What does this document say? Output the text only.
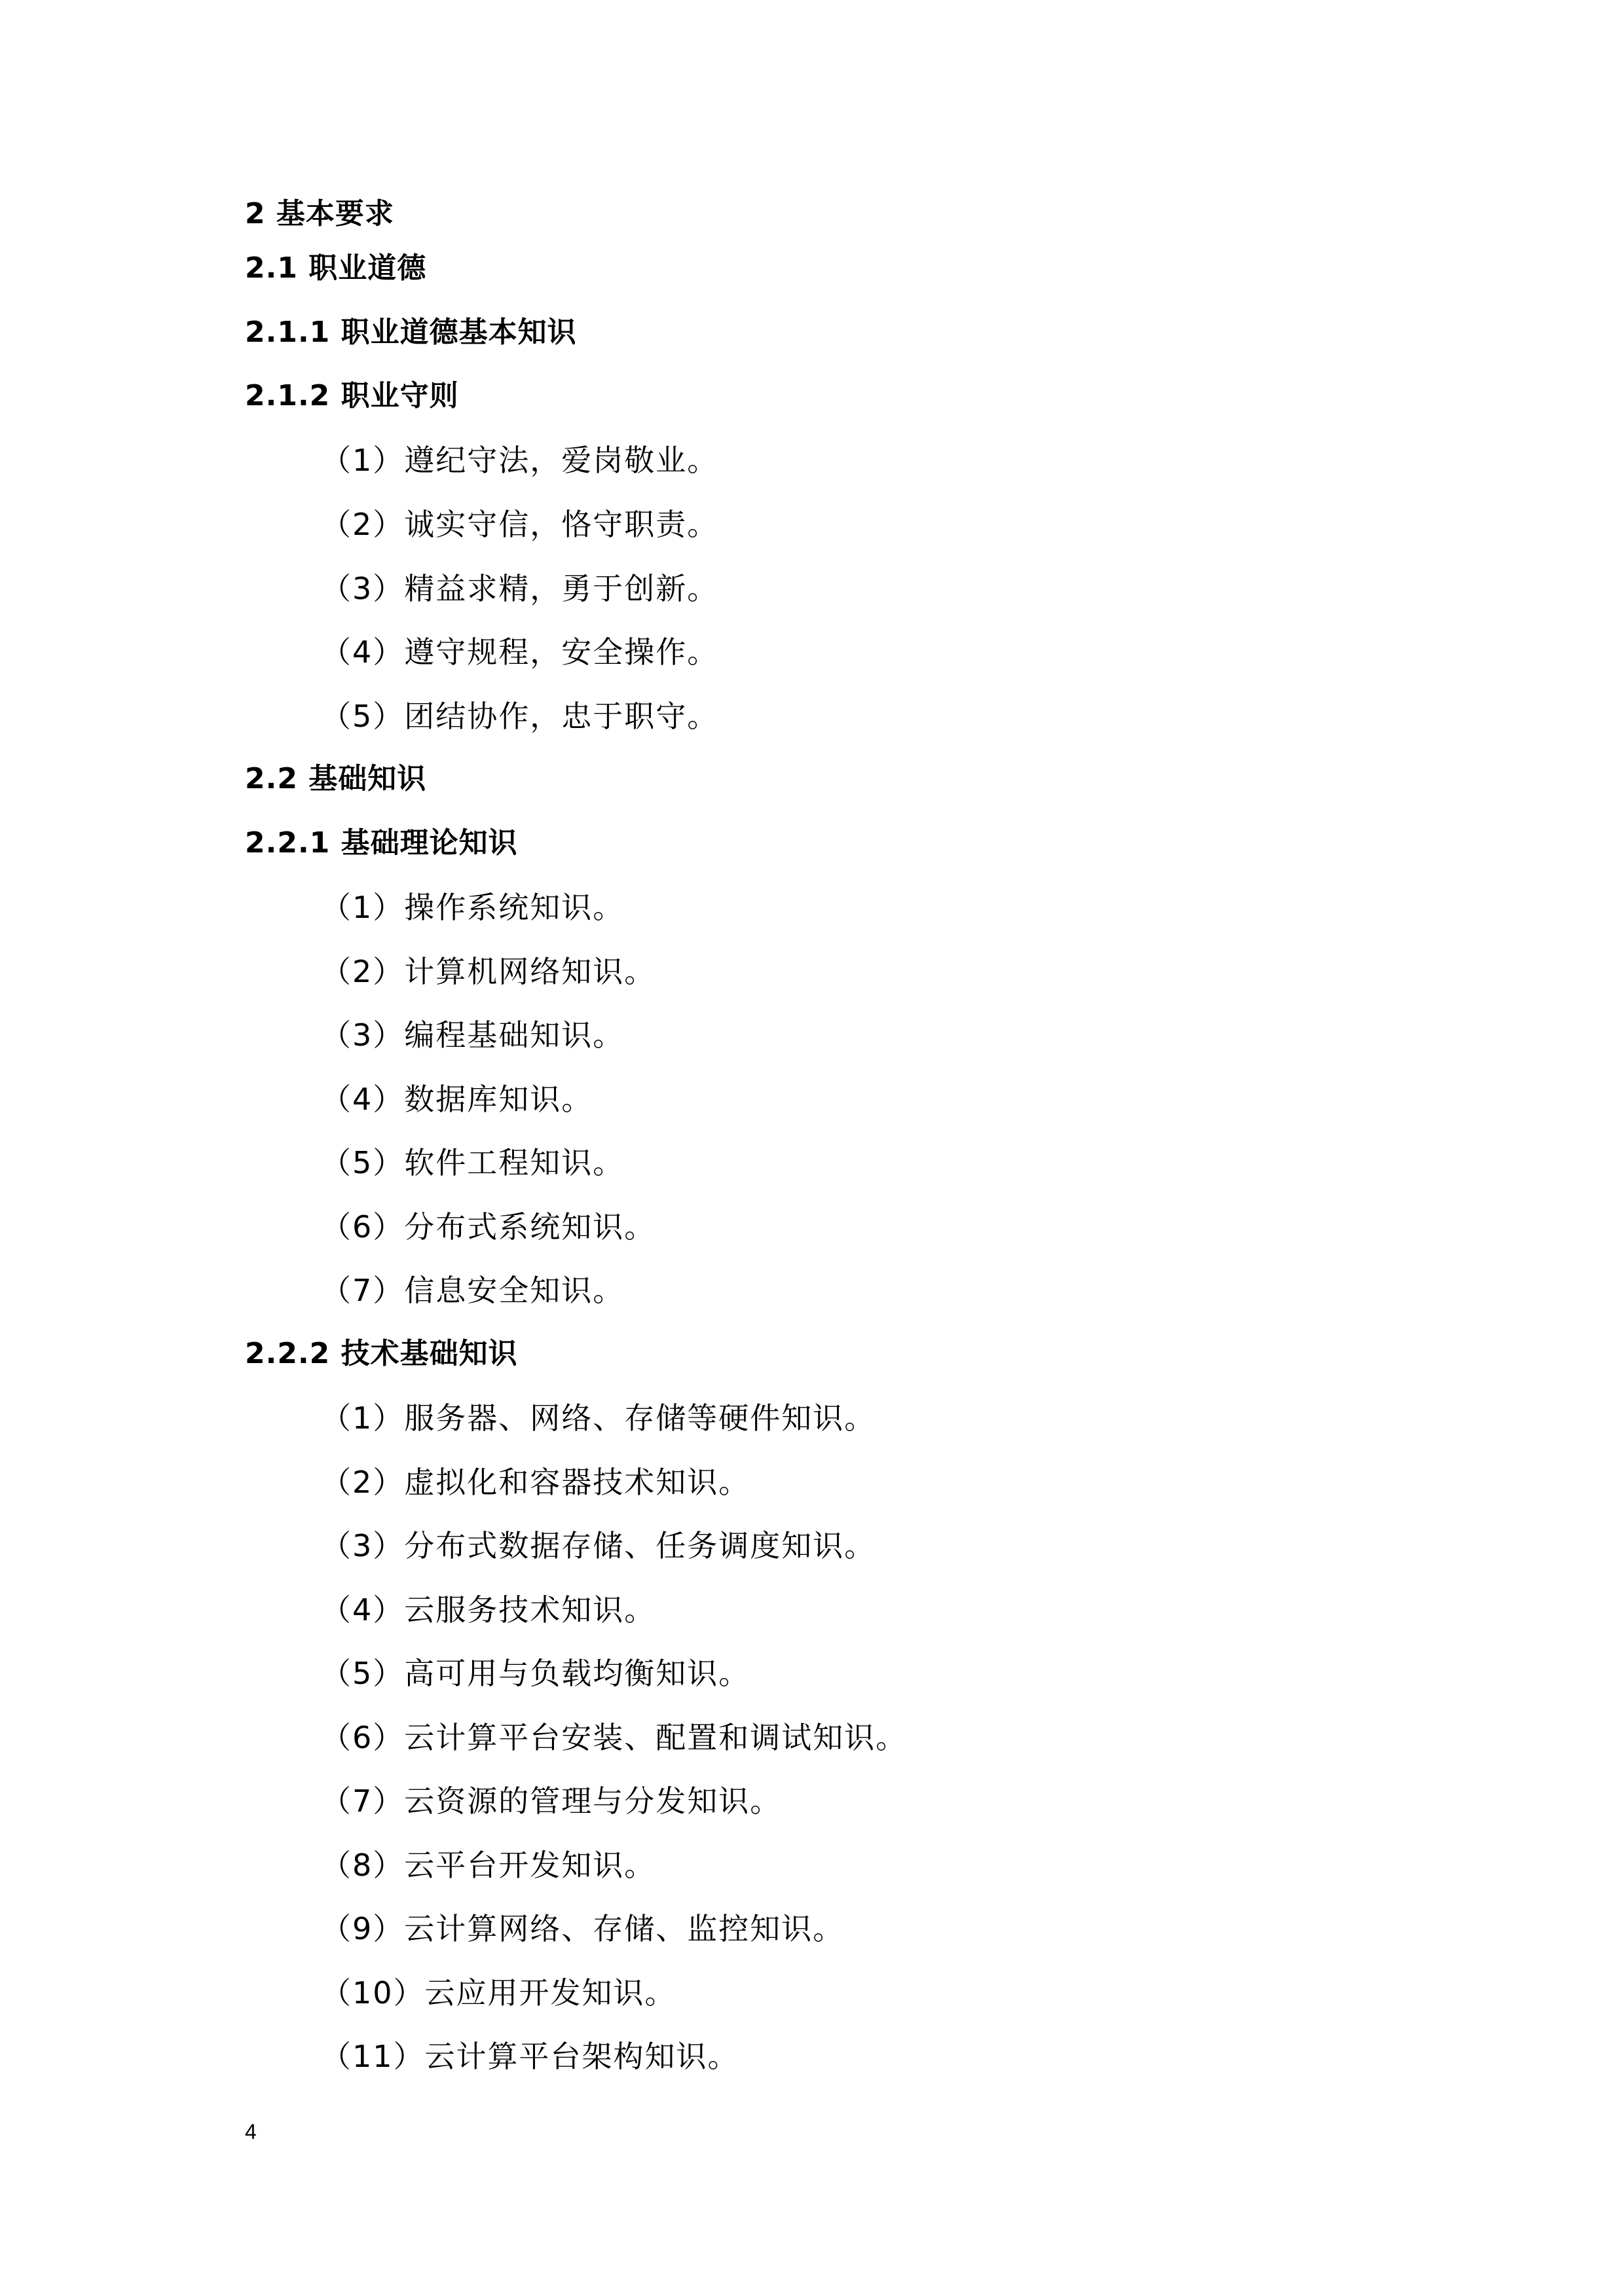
2 基本要求
2.1 职业道德
2.1.1 职业道德基本知识
2.1.2 职业守则
（1）遵纪守法，爱岗敬业。
（2）诚实守信，恪守职责。
（3）精益求精，勇于创新。
（4）遵守规程，安全操作。
（5）团结协作，忠于职守。
2.2 基础知识
2.2.1 基础理论知识
（1）操作系统知识。
（2）计算机网络知识。
（3）编程基础知识。
（4）数据库知识。
（5）软件工程知识。
（6）分布式系统知识。
（7）信息安全知识。
2.2.2 技术基础知识
（1）服务器、网络、存储等硬件知识。
（2）虚拟化和容器技术知识。
（3）分布式数据存储、任务调度知识。
（4）云服务技术知识。
（5）高可用与负载均衡知识。
（6）云计算平台安装、配置和调试知识。
（7）云资源的管理与分发知识。
（8）云平台开发知识。
（9）云计算网络、存储、监控知识。
（10）云应用开发知识。
（11）云计算平台架构知识。
4
